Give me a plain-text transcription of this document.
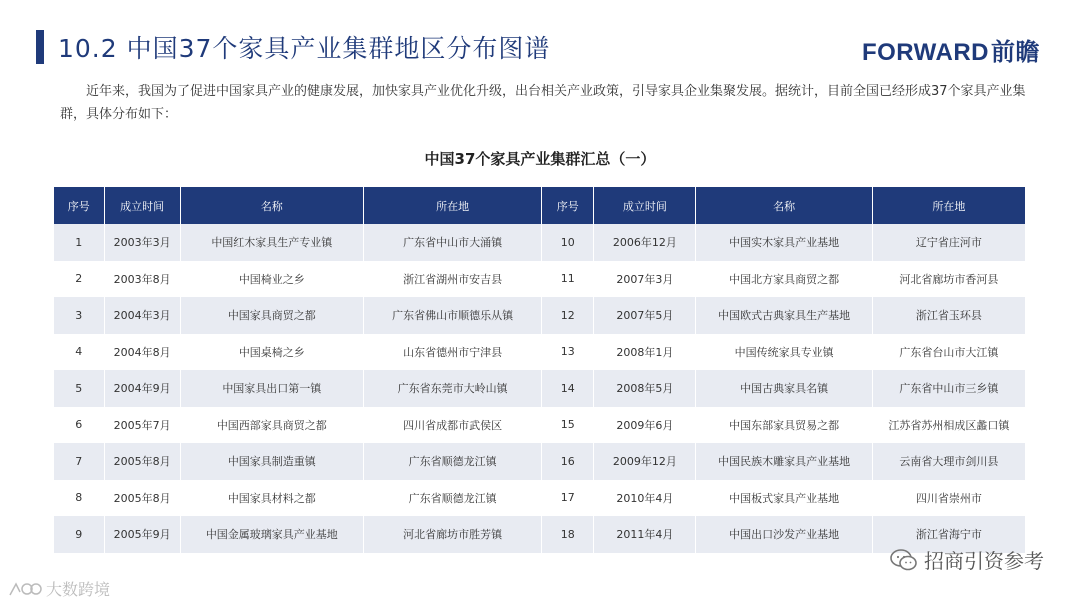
10.2 中国37个家具产业集群地区分布图谱	FORWARD前瞻
近年来，我国为了促进中国家具产业的健康发展，加快家具产业优化升级，出台相关产业政策，引导家具企业集聚发展。据统计，目前全国已经形成37个家具产业集群，具体分布如下：
中国37个家具产业集群汇总（一）
序号	成立时间	名称	所在地	序号	成立时间	名称	所在地
1	2003年3月	中国红木家具生产专业镇	广东省中山市大涌镇	10	2006年12月	中国实木家具产业基地	辽宁省庄河市
2	2003年8月	中国椅业之乡	浙江省湖州市安吉县	11	2007年3月	中国北方家具商贸之都	河北省廊坊市香河县
3	2004年3月	中国家具商贸之都	广东省佛山市顺德乐从镇	12	2007年5月	中国欧式古典家具生产基地	浙江省玉环县
4	2004年8月	中国桌椅之乡	山东省德州市宁津县	13	2008年1月	中国传统家具专业镇	广东省台山市大江镇
5	2004年9月	中国家具出口第一镇	广东省东莞市大岭山镇	14	2008年5月	中国古典家具名镇	广东省中山市三乡镇
6	2005年7月	中国西部家具商贸之都	四川省成都市武侯区	15	2009年6月	中国东部家具贸易之都	江苏省苏州相成区蠡口镇
7	2005年8月	中国家具制造重镇	广东省顺德龙江镇	16	2009年12月	中国民族木雕家具产业基地	云南省大理市剑川县
8	2005年8月	中国家具材料之都	广东省顺德龙江镇	17	2010年4月	中国板式家具产业基地	四川省崇州市
9	2005年9月	中国金属玻璃家具产业基地	河北省廊坊市胜芳镇	18	2011年4月	中国出口沙发产业基地	浙江省海宁市
招商引资参考
大数跨境
